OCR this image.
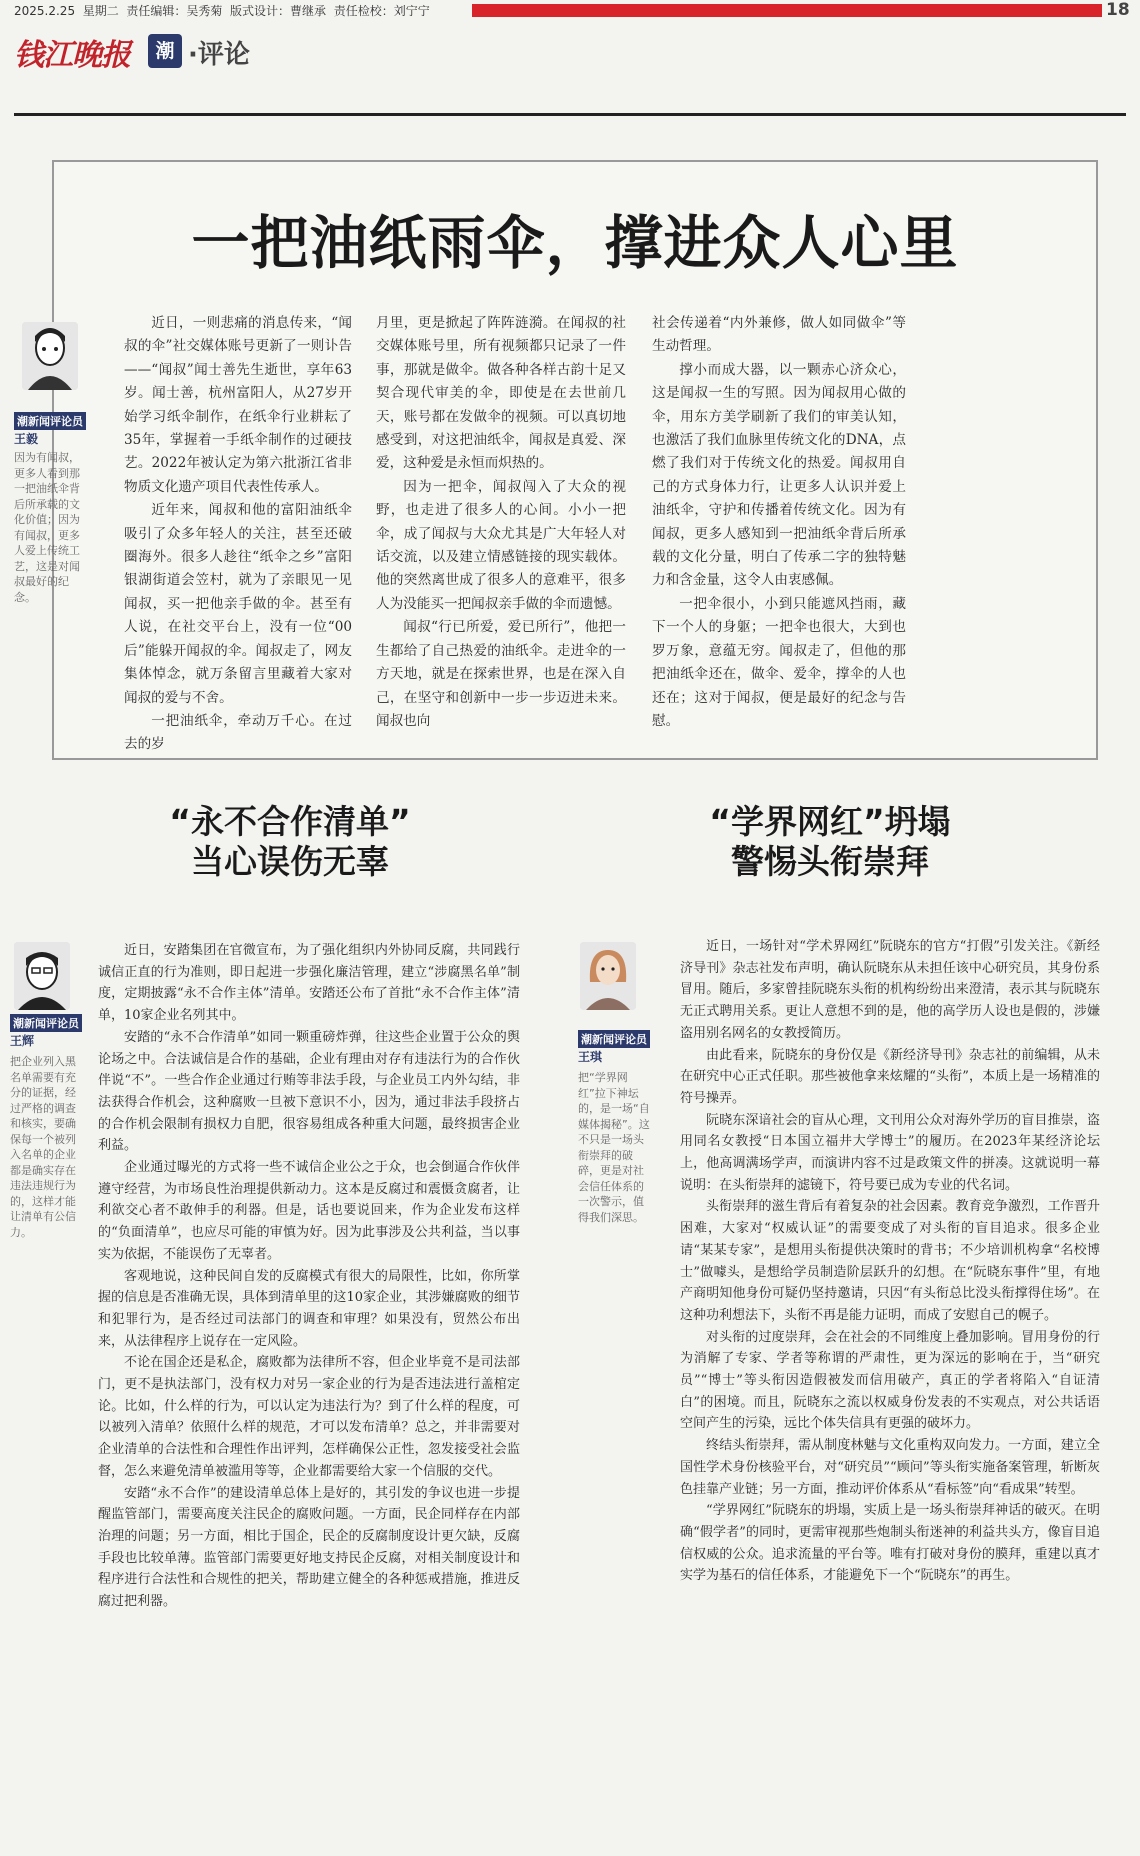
2025.2.25 星期二 责任编辑：吴秀菊 版式设计：曹继承 责任检校：刘宁宁	18
钱江晚报	潮 ·评论
一把油纸雨伞，撑进众人心里
潮新闻评论员
王毅
因为有闻叔，更多人看到那一把油纸伞背后所承载的文化价值；因为有闻叔，更多人爱上传统工艺，这是对闻叔最好的纪念。

近日，一则悲痛的消息传来，“闻叔的伞”社交媒体账号更新了一则讣告——“闻叔”闻士善先生逝世，享年63岁。闻士善，杭州富阳人，从27岁开始学习纸伞制作，在纸伞行业耕耘了35年，掌握着一手纸伞制作的过硬技艺。2022年被认定为第六批浙江省非物质文化遗产项目代表性传承人。

近年来，闻叔和他的富阳油纸伞吸引了众多年轻人的关注，甚至还破圈海外。很多人趁往“纸伞之乡”富阳银湖街道会笠村，就为了亲眼见一见闻叔，买一把他亲手做的伞。甚至有人说，在社交平台上，没有一位“00后”能躲开闻叔的伞。闻叔走了，网友集体悼念，就万条留言里藏着大家对闻叔的爱与不舍。

一把油纸伞，牵动万千心。在过去的岁

月里，更是掀起了阵阵涟漪。在闻叔的社交媒体账号里，所有视频都只记录了一件事，那就是做伞。做各种各样古韵十足又契合现代审美的伞，即使是在去世前几天，账号都在发做伞的视频。可以真切地感受到，对这把油纸伞，闻叔是真爱、深爱，这种爱是永恒而炽热的。

因为一把伞，闻叔闯入了大众的视野，也走进了很多人的心间。小小一把伞，成了闻叔与大众尤其是广大年轻人对话交流，以及建立情感链接的现实载体。他的突然离世成了很多人的意难平，很多人为没能买一把闻叔亲手做的伞而遗憾。

闻叔“行已所爱，爱已所行”，他把一生都给了自己热爱的油纸伞。走进伞的一方天地，就是在探索世界，也是在深入自己，在坚守和创新中一步一步迈进未来。闻叔也向

社会传递着“内外兼修，做人如同做伞”等生动哲理。

撑小而成大器，以一颗赤心济众心，这是闻叔一生的写照。因为闻叔用心做的伞，用东方美学刷新了我们的审美认知，也激活了我们血脉里传统文化的DNA，点燃了我们对于传统文化的热爱。闻叔用自己的方式身体力行，让更多人认识并爱上油纸伞，守护和传播着传统文化。因为有闻叔，更多人感知到一把油纸伞背后所承载的文化分量，明白了传承二字的独特魅力和含金量，这令人由衷感佩。

一把伞很小，小到只能遮风挡雨，藏下一个人的身躯；一把伞也很大，大到也罗万象，意蕴无穷。闻叔走了，但他的那把油纸伞还在，做伞、爱伞，撑伞的人也还在；这对于闻叔，便是最好的纪念与告慰。

“永不合作清单”
当心误伤无辜
潮新闻评论员
王辉
把企业列入黑名单需要有充分的证据，经过严格的调查和核实，要确保每一个被列入名单的企业都是确实存在违法违规行为的，这样才能让清单有公信力。

近日，安踏集团在官微宣布，为了强化组织内外协同反腐，共同践行诚信正直的行为准则，即日起进一步强化廉洁管理，建立“涉腐黑名单”制度，定期披露“永不合作主体”清单。安踏还公布了首批“永不合作主体”清单，10家企业名列其中。

安踏的“永不合作清单”如同一颗重磅炸弹，往这些企业置于公众的舆论场之中。合法诚信是合作的基础，企业有理由对存有违法行为的合作伙伴说“不”。一些合作企业通过行贿等非法手段，与企业员工内外勾结，非法获得合作机会，这种腐败一旦被下意识不小，因为，通过非法手段挤占的合作机会限制有损权力自肥，很容易组成各种重大问题，最终损害企业利益。

企业通过曝光的方式将一些不诚信企业公之于众，也会倒逼合作伙伴遵守经营，为市场良性治理提供新动力。这本是反腐过和震慑贪腐者，让利欲交心者不敢伸手的利器。但是，话也要说回来，作为企业发布这样的“负面清单”，也应尽可能的审慎为好。因为此事涉及公共利益，当以事实为依据，不能误伤了无辜者。

客观地说，这种民间自发的反腐模式有很大的局限性，比如，你所掌握的信息是否准确无误，具体到清单里的这10家企业，其涉嫌腐败的细节和犯罪行为，是否经过司法部门的调查和审理？如果没有，贸然公布出来，从法律程序上说存在一定风险。

不论在国企还是私企，腐败都为法律所不容，但企业毕竟不是司法部门，更不是执法部门，没有权力对另一家企业的行为是否违法进行盖棺定论。比如，什么样的行为，可以认定为违法行为？到了什么样的程度，可以被列入清单？依照什么样的规范，才可以发布清单？总之，并非需要对企业清单的合法性和合理性作出评判，怎样确保公正性，忽发接受社会监督，怎么来避免清单被滥用等等，企业都需要给大家一个信服的交代。

安踏“永不合作”的建设清单总体上是好的，其引发的争议也进一步提醒监管部门，需要高度关注民企的腐败问题。一方面，民企同样存在内部治理的问题；另一方面，相比于国企，民企的反腐制度设计更欠缺，反腐手段也比较单薄。监管部门需要更好地支持民企反腐，对相关制度设计和程序进行合法性和合规性的把关，帮助建立健全的各种惩戒措施，推进反腐过把利器。

“学界网红”坍塌
警惕头衔崇拜
潮新闻评论员
王琪
把“学界网红”拉下神坛的，是一场“自媒体揭秘”。这不只是一场头衔崇拜的破碎，更是对社会信任体系的一次警示，值得我们深思。

近日，一场针对“学术界网红”阮晓东的官方“打假”引发关注。《新经济导刊》杂志社发布声明，确认阮晓东从未担任该中心研究员，其身份系冒用。随后，多家曾挂阮晓东头衔的机构纷纷出来澄清，表示其与阮晓东无正式聘用关系。更让人意想不到的是，他的高学历人设也是假的，涉嫌盗用别名网名的女教授简历。

由此看来，阮晓东的身份仅是《新经济导刊》杂志社的前编辑，从未在研究中心正式任职。那些被他拿来炫耀的“头衔”，本质上是一场精准的符号操弄。

阮晓东深谙社会的盲从心理，文刊用公众对海外学历的盲目推崇，盗用同名女教授“日本国立福井大学博士”的履历。在2023年某经济论坛上，他高调满场学声，而演讲内容不过是政策文件的拼凑。这就说明一幕说明：在头衔崇拜的滤镜下，符号要已成为专业的代名词。

头衔崇拜的滋生背后有着复杂的社会因素。教育竞争激烈，工作晋升困难，大家对“权威认证”的需要变成了对头衔的盲目追求。很多企业请“某某专家”，是想用头衔提供决策时的背书；不少培训机构拿“名校博士”做噱头，是想给学员制造阶层跃升的幻想。在“阮晓东事件”里，有地产商明知他身份可疑仍坚持邀请，只因“有头衔总比没头衔撑得住场”。在这种功利想法下，头衔不再是能力证明，而成了安慰自己的幌子。

对头衔的过度崇拜，会在社会的不同维度上叠加影响。冒用身份的行为消解了专家、学者等称谓的严肃性，更为深远的影响在于，当“研究员”“博士”等头衔因造假被发而信用破产，真正的学者将陷入“自证清白”的困境。而且，阮晓东之流以权威身份发表的不实观点，对公共话语空间产生的污染，远比个体失信具有更强的破坏力。

终结头衔崇拜，需从制度林魅与文化重构双向发力。一方面，建立全国性学术身份核验平台，对“研究员”“顾问”等头衔实施备案管理，斩断灰色挂靠产业链；另一方面，推动评价体系从“看标签”向“看成果”转型。

“学界网红”阮晓东的坍塌，实质上是一场头衔崇拜神话的破灭。在明确“假学者”的同时，更需审视那些炮制头衔迷神的利益共头方，像盲目追信权威的公众。追求流量的平台等。唯有打破对身份的膜拜，重建以真才实学为基石的信任体系，才能避免下一个“阮晓东”的再生。
